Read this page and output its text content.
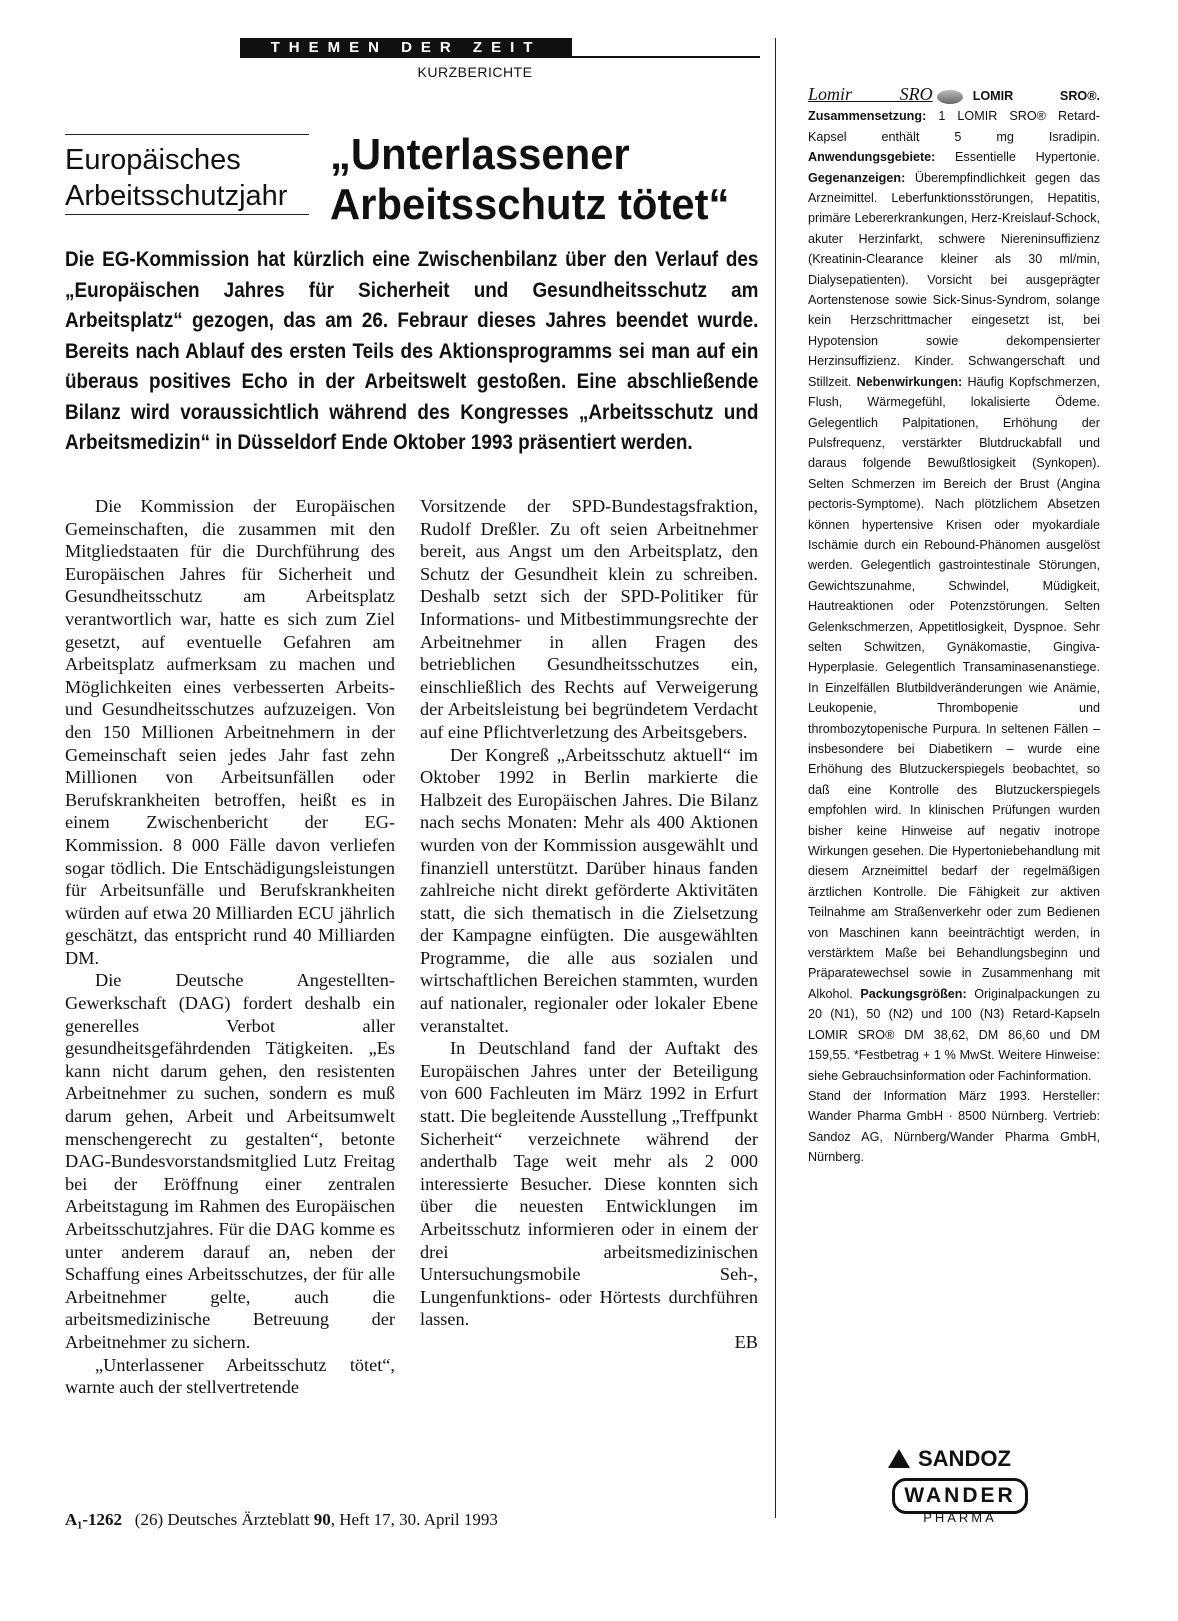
THEMEN DER ZEIT
KURZBERICHTE
Europäisches
Arbeitsschutzjahr
„Unterlassener
Arbeitsschutz tötet“
Die EG-Kommission hat kürzlich eine Zwischenbilanz über den Verlauf des „Europäischen Jahres für Sicherheit und Gesundheitsschutz am Arbeitsplatz“ gezogen, das am 26. Febraur dieses Jahres beendet wurde. Bereits nach Ablauf des ersten Teils des Aktionsprogramms sei man auf ein überaus positives Echo in der Arbeitswelt gestoßen. Eine abschließende Bilanz wird voraussichtlich während des Kongresses „Arbeitsschutz und Arbeitsmedizin“ in Düsseldorf Ende Oktober 1993 präsentiert werden.

Die Kommission der Europäischen Gemeinschaften, die zusammen mit den Mitgliedstaaten für die Durchführung des Europäischen Jahres für Sicherheit und Gesundheitsschutz am Arbeitsplatz verantwortlich war, hatte es sich zum Ziel gesetzt, auf eventuelle Gefahren am Arbeitsplatz aufmerksam zu machen und Möglichkeiten eines verbesserten Arbeits- und Gesundheitsschutzes aufzuzeigen. Von den 150 Millionen Arbeitnehmern in der Gemeinschaft seien jedes Jahr fast zehn Millionen von Arbeitsunfällen oder Berufskrankheiten betroffen, heißt es in einem Zwischenbericht der EG-Kommission. 8 000 Fälle davon verliefen sogar tödlich. Die Entschädigungsleistungen für Arbeitsunfälle und Berufskrankheiten würden auf etwa 20 Milliarden ECU jährlich geschätzt, das entspricht rund 40 Milliarden DM.

Die Deutsche Angestellten-Gewerkschaft (DAG) fordert deshalb ein generelles Verbot aller gesundheitsgefährdenden Tätigkeiten. „Es kann nicht darum gehen, den resistenten Arbeitnehmer zu suchen, sondern es muß darum gehen, Arbeit und Arbeitsumwelt menschengerecht zu gestalten“, betonte DAG-Bundesvorstandsmitglied Lutz Freitag bei der Eröffnung einer zentralen Arbeitstagung im Rahmen des Europäischen Arbeitsschutzjahres. Für die DAG komme es unter anderem darauf an, neben der Schaffung eines Arbeitsschutzes, der für alle Arbeitnehmer gelte, auch die arbeitsmedizinische Betreuung der Arbeitnehmer zu sichern.

„Unterlassener Arbeitsschutz tötet“, warnte auch der stellvertretende

Vorsitzende der SPD-Bundestagsfraktion, Rudolf Dreßler. Zu oft seien Arbeitnehmer bereit, aus Angst um den Arbeitsplatz, den Schutz der Gesundheit klein zu schreiben. Deshalb setzt sich der SPD-Politiker für Informations- und Mitbestimmungsrechte der Arbeitnehmer in allen Fragen des betrieblichen Gesundheitsschutzes ein, einschließlich des Rechts auf Verweigerung der Arbeitsleistung bei begründetem Verdacht auf eine Pflichtverletzung des Arbeitsgebers.

Der Kongreß „Arbeitsschutz aktuell“ im Oktober 1992 in Berlin markierte die Halbzeit des Europäischen Jahres. Die Bilanz nach sechs Monaten: Mehr als 400 Aktionen wurden von der Kommission ausgewählt und finanziell unterstützt. Darüber hinaus fanden zahlreiche nicht direkt geförderte Aktivitäten statt, die sich thematisch in die Zielsetzung der Kampagne einfügten. Die ausgewählten Programme, die alle aus sozialen und wirtschaftlichen Bereichen stammten, wurden auf nationaler, regionaler oder lokaler Ebene veranstaltet.

In Deutschland fand der Auftakt des Europäischen Jahres unter der Beteiligung von 600 Fachleuten im März 1992 in Erfurt statt. Die begleitende Ausstellung „Treffpunkt Sicherheit“ verzeichnete während der anderthalb Tage weit mehr als 2 000 interessierte Besucher. Diese konnten sich über die neuesten Entwicklungen im Arbeitsschutz informieren oder in einem der drei arbeitsmedizinischen Untersuchungsmobile Seh-, Lungenfunktions- oder Hörtests durchführen lassen.

EB
A₁-1262 (26) Deutsches Ärzteblatt 90, Heft 17, 30. April 1993

Lomir SRO	LOMIR SRO®. Zusammensetzung: 1 LOMIR SRO® Retard-Kapsel enthält 5 mg Isradipin. Anwendungsgebiete: Essentielle Hypertonie. Gegenanzeigen: Überempfindlichkeit gegen das Arzneimittel. Leberfunktionsstörungen, Hepatitis, primäre Lebererkrankungen, Herz-Kreislauf-Schock, akuter Herzinfarkt, schwere Niereninsuffizienz (Kreatinin-Clearance kleiner als 30 ml/min, Dialysepatienten). Vorsicht bei ausgeprägter Aortenstenose sowie Sick-Sinus-Syndrom, solange kein Herzschrittmacher eingesetzt ist, bei Hypotension sowie dekompensierter Herzinsuffizienz. Kinder. Schwangerschaft und Stillzeit. Nebenwirkungen: Häufig Kopfschmerzen, Flush, Wärmegefühl, lokalisierte Ödeme. Gelegentlich Palpitationen, Erhöhung der Pulsfrequenz, verstärkter Blutdruckabfall und daraus folgende Bewußtlosigkeit (Synkopen). Selten Schmerzen im Bereich der Brust (Angina pectoris-Symptome). Nach plötzlichem Absetzen können hypertensive Krisen oder myokardiale Ischämie durch ein Rebound-Phänomen ausgelöst werden. Gelegentlich gastrointestinale Störungen, Gewichtszunahme, Schwindel, Müdigkeit, Hautreaktionen oder Potenzstörungen. Selten Gelenkschmerzen, Appetitlosigkeit, Dyspnoe. Sehr selten Schwitzen, Gynäkomastie, Gingiva-Hyperplasie. Gelegentlich Transaminasenanstiege. In Einzelfällen Blutbildveränderungen wie Anämie, Leukopenie, Thrombopenie und thrombozytopenische Purpura. In seltenen Fällen – insbesondere bei Diabetikern – wurde eine Erhöhung des Blutzuckerspiegels beobachtet, so daß eine Kontrolle des Blutzuckerspiegels empfohlen wird. In klinischen Prüfungen wurden bisher keine Hinweise auf negativ inotrope Wirkungen gesehen. Die Hypertoniebehandlung mit diesem Arzneimittel bedarf der regelmäßigen ärztlichen Kontrolle. Die Fähigkeit zur aktiven Teilnahme am Straßenverkehr oder zum Bedienen von Maschinen kann beeinträchtigt werden, in verstärktem Maße bei Behandlungsbeginn und Präparatewechsel sowie in Zusammenhang mit Alkohol. Packungsgrößen: Originalpackungen zu 20 (N1), 50 (N2) und 100 (N3) Retard-Kapseln LOMIR SRO® DM 38,62, DM 86,60 und DM 159,55. *Festbetrag + 1 % MwSt. Weitere Hinweise: siehe Gebrauchsinformation oder Fachinformation.

Stand der Information März 1993. Hersteller: Wander Pharma GmbH · 8500 Nürnberg. Vertrieb: Sandoz AG, Nürnberg/Wander Pharma GmbH, Nürnberg.

SANDOZ
WANDER
PHARMA
